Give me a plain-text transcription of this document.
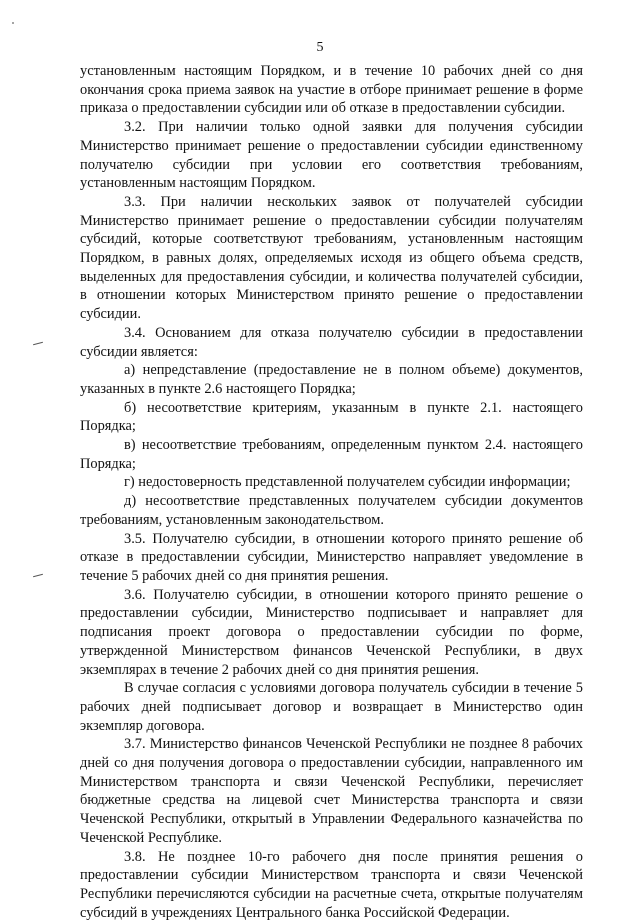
5

установленным настоящим Порядком, и в течение 10 рабочих дней со дня окончания срока приема заявок на участие в отборе принимает решение в форме приказа о предоставлении субсидии или об отказе в предоставлении субсидии.

3.2. При наличии только одной заявки для получения субсидии Министерство принимает решение о предоставлении субсидии единственному получателю субсидии при условии его соответствия требованиям, установленным настоящим Порядком.

3.3. При наличии нескольких заявок от получателей субсидии Министерство принимает решение о предоставлении субсидии получателям субсидий, которые соответствуют требованиям, установленным настоящим Порядком, в равных долях, определяемых исходя из общего объема средств, выделенных для предоставления субсидии, и количества получателей субсидии, в отношении которых Министерством принято решение о предоставлении субсидии.

3.4. Основанием для отказа получателю субсидии в предоставлении субсидии является:

а) непредставление (предоставление не в полном объеме) документов, указанных в пункте 2.6 настоящего Порядка;

б) несоответствие критериям, указанным в пункте 2.1. настоящего Порядка;

в) несоответствие требованиям, определенным пунктом 2.4. настоящего Порядка;

г) недостоверность представленной получателем субсидии информации;

д) несоответствие представленных получателем субсидии документов требованиям, установленным законодательством.

3.5. Получателю субсидии, в отношении которого принято решение об отказе в предоставлении субсидии, Министерство направляет уведомление в течение 5 рабочих дней со дня принятия решения.

3.6. Получателю субсидии, в отношении которого принято решение о предоставлении субсидии, Министерство подписывает и направляет для подписания проект договора о предоставлении субсидии по форме, утвержденной Министерством финансов Чеченской Республики, в двух экземплярах в течение 2 рабочих дней со дня принятия решения.

В случае согласия с условиями договора получатель субсидии в течение 5 рабочих дней подписывает договор и возвращает в Министерство один экземпляр договора.

3.7. Министерство финансов Чеченской Республики не позднее 8 рабочих дней со дня получения договора о предоставлении субсидии, направленного им Министерством транспорта и связи Чеченской Республики, перечисляет бюджетные средства на лицевой счет Министерства транспорта и связи Чеченской Республики, открытый в Управлении Федерального казначейства по Чеченской Республике.

3.8. Не позднее 10-го рабочего дня после принятия решения о предоставлении субсидии Министерством транспорта и связи Чеченской Республики перечисляются субсидии на расчетные счета, открытые получателям субсидий в учреждениях Центрального банка Российской Федерации.
